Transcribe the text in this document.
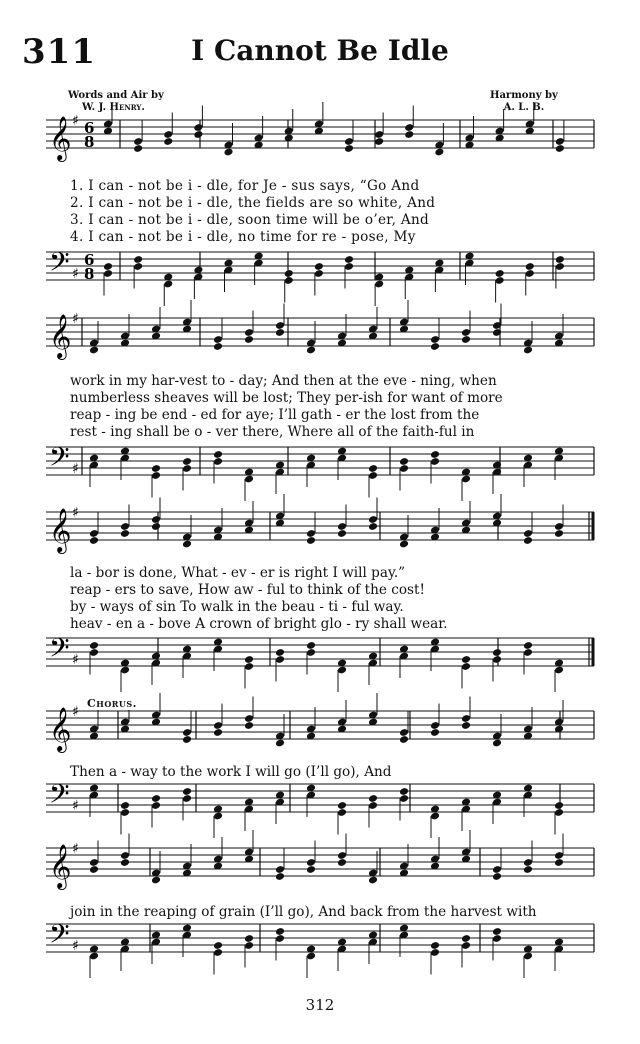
𝄞 ♯ 6
8
𝄢 ♯
6
8
𝄞 ♯
𝄢 ♯
𝄞 ♯
𝄢 ♯
𝄞 ♯
𝄢 ♯
𝄞 ♯
𝄢 ♯
311	I Cannot Be Idle
Words and Air by
W. J. Henry.
Harmony by
A. L. B.
1. I can - not be i - dle, for Je - sus says, “Go And
2. I can - not be i - dle, the fields are so white, And
3. I can - not be i - dle, soon time will be o’er, And
4. I can - not be i - dle, no time for re - pose, My
work in my har-vest to - day; And then at the eve - ning, when
numberless sheaves will be lost; They per-ish for want of more
reap - ing be end - ed for aye; I’ll gath - er the lost from the
rest - ing shall be o - ver there, Where all of the faith-ful in
la - bor is done, What - ev - er is right I will pay.”
reap - ers to save, How aw - ful to think of the cost!
by - ways of sin To walk in the beau - ti - ful way.
heav - en a - bove A crown of bright glo - ry shall wear.
Chorus.
Then a - way to the work I will go (I’ll go), And
join in the reaping of grain (I’ll go), And back from the harvest with
312
